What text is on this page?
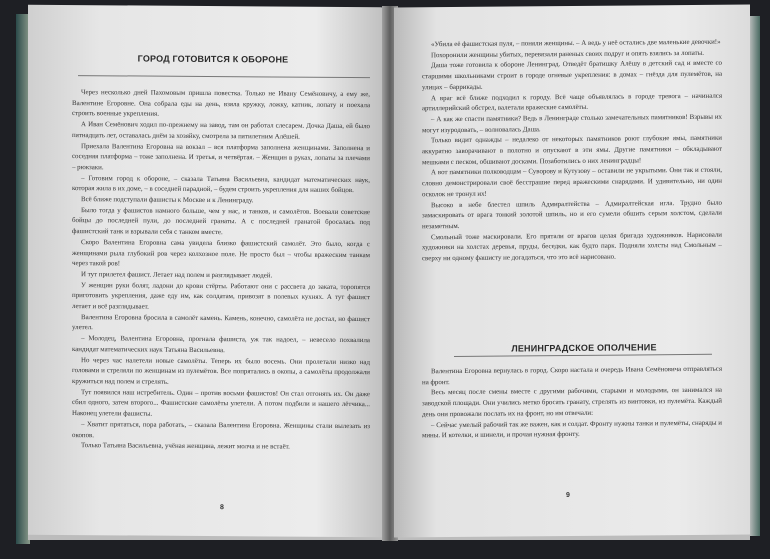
ГОРОД ГОТОВИТСЯ К ОБОРОНЕ

Через несколько дней Пахомовым пришла повестка. Только не Ивану Семёновичу, а ему же, Валентине Егоровне. Она собрала еды на день, взяла кружку, ложку, катник, лопату и поехала строить военные укрепления.

А Иван Семёнович ходил по-прежнему на завод, там он работал слесарем. Дочка Даша, ей было пятнадцать лет, оставалась днём за хозяйку, смотрела за пятилетним Алёшей.

Приехала Валентина Егоровна на вокзал – вся платформа заполнена женщинами. Заполнена и соседняя платформа – тоже заполнена. И третья, и четвёртая. – Женщин в руках, лопаты за плечами – рюкзаки.

– Готовим город к обороне, – сказала Татьяна Васильевна, кандидат математических наук, которая жила в их доме, – в соседней парадной, – будем строить укрепления для наших бойцов.

Всё ближе подступали фашисты к Москве и к Ленинграду.

Было тогда у фашистов намного больше, чем у нас, и танков, и самолётов. Воевали советские бойцы до последней пули, до последней гранаты. А с последней гранатой бросалась под фашистский танк и взрывали себя с танком вместе.

Скоро Валентина Егоровна сама увидела близко фашистский самолёт. Это было, когда с женщинами рыла глубокий ров через колхозное поле. Не просто был – чтобы вражеским танкам через такой ров!

И тут прилетел фашист. Летает над полем и разглядывает людей.

У женщин руки болят, ладони до крови стёрты. Работают они с рассвета до заката, торопятся приготовить укрепления, даже еду им, как солдатам, привозят в полевых кухнях. А тут фашист летает и всё разглядывает.

Валентина Егоровна бросила в самолёт камень. Камень, конечно, самолёта не достал, но фашист улетел.

– Молодец, Валентина Егоровна, прогнала фашиста, уж так надоел, – невесело похвалила кандидат математических наук Татьяна Васильевна.

Но через час налетели новые самолёты. Теперь их было восемь. Они пролетали низко над головами и стреляли по женщинам из пулемётов. Все попрятались в окопы, а самолёты продолжали кружиться над полем и стрелять.

Тут появился наш истребитель. Один – против восьми фашистов! Он стал отгонять их. Он даже сбил одного, затем второго... Фашистские самолёты улетели. А потом подбили и нашего лётчика... Наконец улетели фашисты.

– Хватит прятаться, пора работать, – сказала Валентина Егоровна. Женщины стали вылезать из окопов.

Только Татьяна Васильевна, учёная женщина, лежит молча и не встаёт.

8

«Убила её фашистская пуля, – поняли женщины. – А ведь у неё остались две маленькие девочки!»

Похоронили женщины убитых, перевязали раненых своих подруг и опять взялись за лопаты.

Даша тоже готовила к обороне Ленинград. Отведёт братишку Алёшу в детский сад и вместе со старшими школьниками строит в городе огневые укрепления: в домах – гнёзда для пулемётов, на улицах – баррикады.

А враг всё ближе подходил к городу. Всё чаще объявлялась в городе тревога – начинался артиллерийский обстрел, валетали вражеские самолёты.

– А как же спасти памятники? Ведь в Ленинграде столько замечательных памятников! Взрывы их могут изуродовать, – волновалась Даша.

Только видит однажды – недалеко от некоторых памятников роют глубокие ямы, памятники аккуратно заворачивают в полотно и опускают в эти ямы. Другие памятники – обкладывают мешками с песком, обшивают досками. Позаботились о них ленинградцы!

А вот памятники полководцам – Суворову и Кутузову – оставили не укрытыми. Они так и стояли, словно демонстрировали своё бесстрашие перед вражескими снарядами. И удивительно, ни один осколок не тронул их!

Высоко в небе блестел шпиль Адмиралтейства – Адмиралтейская игла. Трудно было замаскировать от врага тонкий золотой шпиль, но и его сумели обшить серым холстом, сделали незаметным.

Смольный тоже маскировали. Его прятали от врагов целая бригада художников. Нарисовали художники на холстах деревья, пруды, беседки, как будто парк. Подняли холсты над Смольным – сверху ни одному фашисту не догадаться, что это всё нарисовано.

ЛЕНИНГРАДСКОЕ ОПОЛЧЕНИЕ

Валентина Егоровна вернулась в город. Скоро настала и очередь Ивана Семёновича отправляться на фронт.

Весь месяц после смены вместе с другими рабочими, старыми и молодыми, он занимался на заводской площади. Они учились метко бросать гранату, стрелять из винтовки, из пулемёта. Каждый день они провожали послать их на фронт, но им отвечали:

– Сейчас умелый рабочий так же важен, как и солдат. Фронту нужны танки и пулемёты, снаряды и мины. И котелки, и шинели, и прочая нужная фронту.

9
